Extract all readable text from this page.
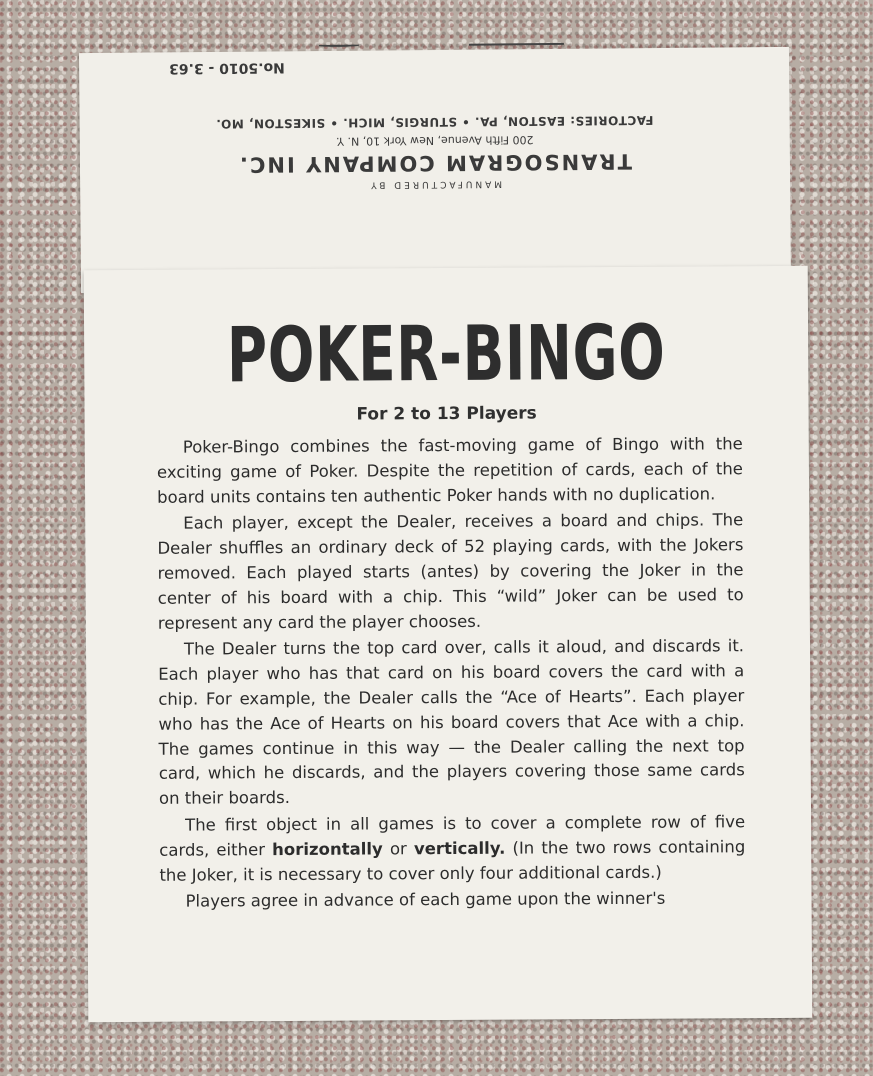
MANUFACTURED BY
TRANSOGRAM COMPANY INC.
200 Fifth Avenue, New York 10, N. Y.
FACTORIES: EASTON, PA. • STURGIS, MICH. • SIKESTON, MO.
No.5010 - 3.63
POKER-BINGO
For 2 to 13 Players

Poker-Bingo combines the fast-moving game of Bingo with the exciting game of Poker. Despite the repetition of cards, each of the board units contains ten authentic Poker hands with no duplication.

Each player, except the Dealer, receives a board and chips. The Dealer shuffles an ordinary deck of 52 playing cards, with the Jokers removed. Each played starts (antes) by covering the Joker in the center of his board with a chip. This “wild” Joker can be used to represent any card the player chooses.

The Dealer turns the top card over, calls it aloud, and discards it. Each player who has that card on his board covers the card with a chip. For example, the Dealer calls the “Ace of Hearts”. Each player who has the Ace of Hearts on his board covers that Ace with a chip. The games continue in this way — the Dealer calling the next top card, which he discards, and the players covering those same cards on their boards.

The first object in all games is to cover a complete row of five cards, either horizontally or vertically. (In the two rows containing the Joker, it is necessary to cover only four additional cards.)

Players agree in advance of each game upon the winner's
